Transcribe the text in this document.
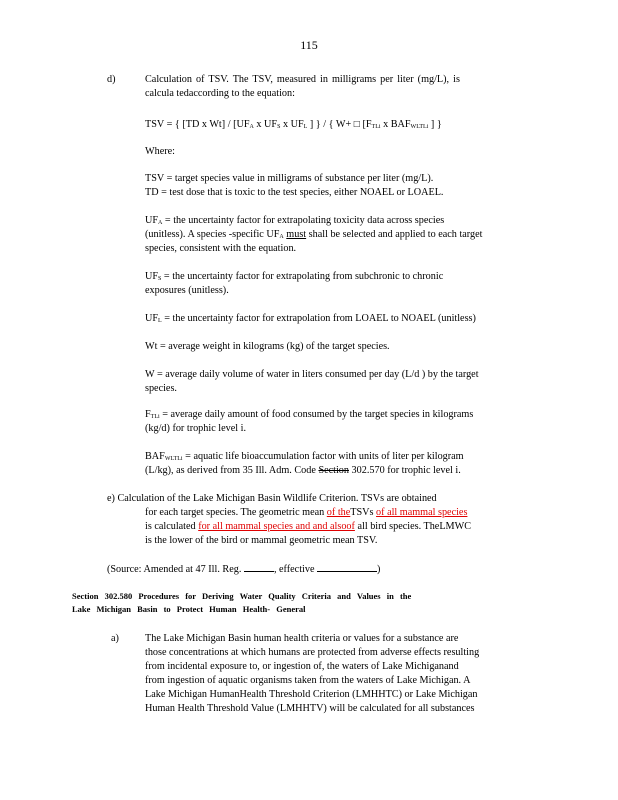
115
d)	Calculation of TSV. The TSV, measured in milligrams per liter (mg/L), is
calcula tedaccording to the equation:
TSV = { [TD x Wt] / [UFA x UFS x UFL ] } / { W+ □ [FTLi x BAFWLTLi ] }
Where:
TSV = target species value in milligrams of substance per liter (mg/L).
TD = test dose that is toxic to the test species, either NOAEL or LOAEL.
UFA = the uncertainty factor for extrapolating toxicity data across species
(unitless). A species -specific UFA must shall be selected and applied to each target
species, consistent with the equation.
UFS = the uncertainty factor for extrapolating from subchronic to chronic
exposures (unitless).
UFL = the uncertainty factor for extrapolation from LOAEL to NOAEL (unitless)
Wt = average weight in kilograms (kg) of the target species.
W = average daily volume of water in liters consumed per day (L/d ) by the target
species.
FTLi = average daily amount of food consumed by the target species in kilograms
(kg/d) for trophic level i.
BAFWLTLi = aquatic life bioaccumulation factor with units of liter per kilogram
(L/kg), as derived from 35 Ill. Adm. Code Section 302.570 for trophic level i.
e) Calculation of the Lake Michigan Basin Wildlife Criterion. TSVs are obtained
for each target species. The geometric mean of theTSVs of all mammal species
is calculated for all mammal species and and alsoof all bird species. TheLMWC
is the lower of the bird or mammal geometric mean TSV.
(Source: Amended at 47 Ill. Reg.	, effective	)
Section 302.580 Procedures for Deriving Water Quality Criteria and Values in the
Lake Michigan Basin to Protect Human Health- General
a)	The Lake Michigan Basin human health criteria or values for a substance are
those concentrations at which humans are protected from adverse effects resulting
from incidental exposure to, or ingestion of, the waters of Lake Michiganand
from ingestion of aquatic organisms taken from the waters of Lake Michigan. A
Lake Michigan HumanHealth Threshold Criterion (LMHHTC) or Lake Michigan
Human Health Threshold Value (LMHHTV) will be calculated for all substances
